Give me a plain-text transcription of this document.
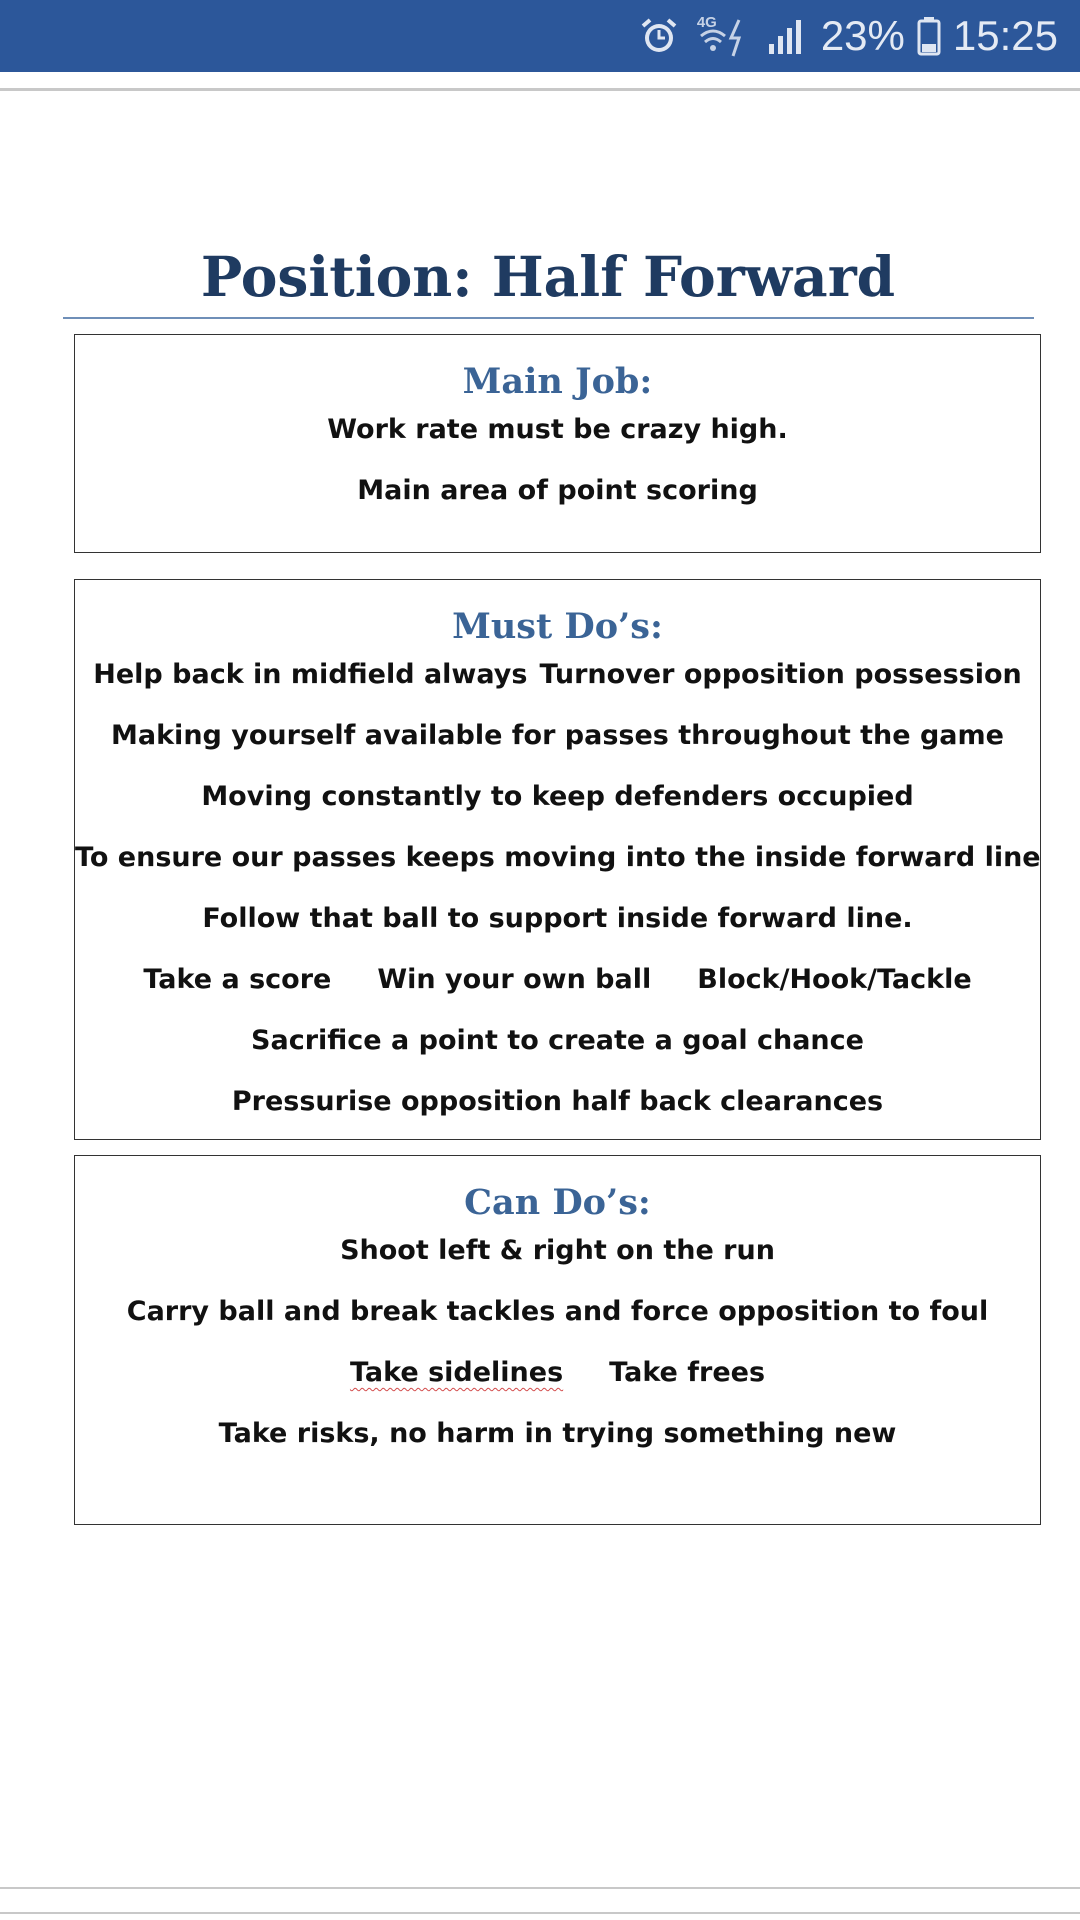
4G 23% 15:25
Position: Half Forward
Main Job:
Work rate must be crazy high.
Main area of point scoring
Must Do’s:
Help back in midfield always Turnover opposition possession
Making yourself available for passes throughout the game
Moving constantly to keep defenders occupied
To ensure our passes keeps moving into the inside forward line
Follow that ball to support inside forward line.
Take a score Win your own ball Block/Hook/Tackle
Sacrifice a point to create a goal chance
Pressurise opposition half back clearances
Can Do’s:
Shoot left & right on the run
Carry ball and break tackles and force opposition to foul
Take sidelines Take frees
Take risks, no harm in trying something new
